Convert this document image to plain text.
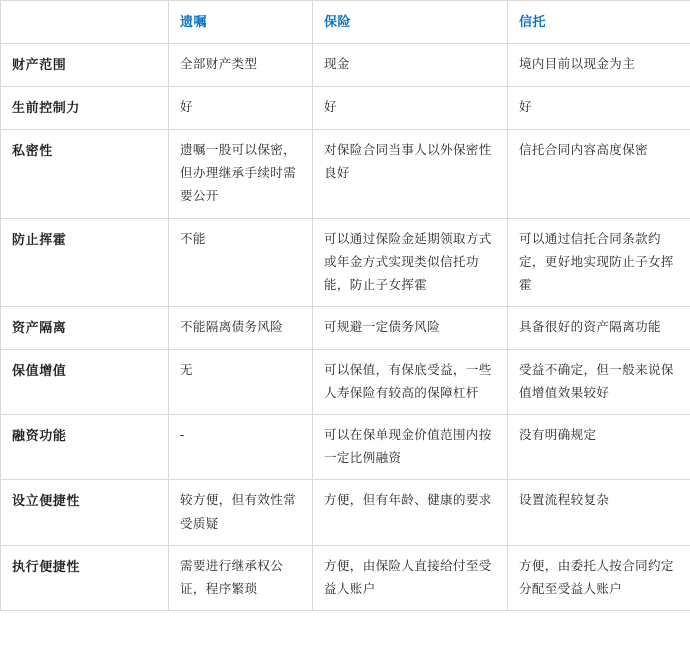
	遗嘱	保险	信托
财产范围	全部财产类型	现金	境内目前以现金为主
生前控制力	好	好	好
私密性	遗嘱一股可以保密，但办理继承手续时需要公开	对保险合同当事人以外保密性良好	信托合同内容高度保密
防止挥霍	不能	可以通过保险金延期领取方式或年金方式实现类似信托功能，防止子女挥霍	可以通过信托合同条款约定，更好地实现防止子女挥霍
资产隔离	不能隔离债务风险	可规避一定债务风险	具备很好的资产隔离功能
保值增值	无	可以保值，有保底受益，一些人寿保险有较高的保障杠杆	受益不确定，但一般来说保值增值效果较好
融资功能	-	可以在保单现金价值范围内按一定比例融资	没有明确规定
设立便捷性	较方便，但有效性常受质疑	方便，但有年龄、健康的要求	设置流程较复杂
执行便捷性	需要进行继承权公证，程序繁琐	方便，由保险人直接给付至受益人账户	方便，由委托人按合同约定分配至受益人账户
